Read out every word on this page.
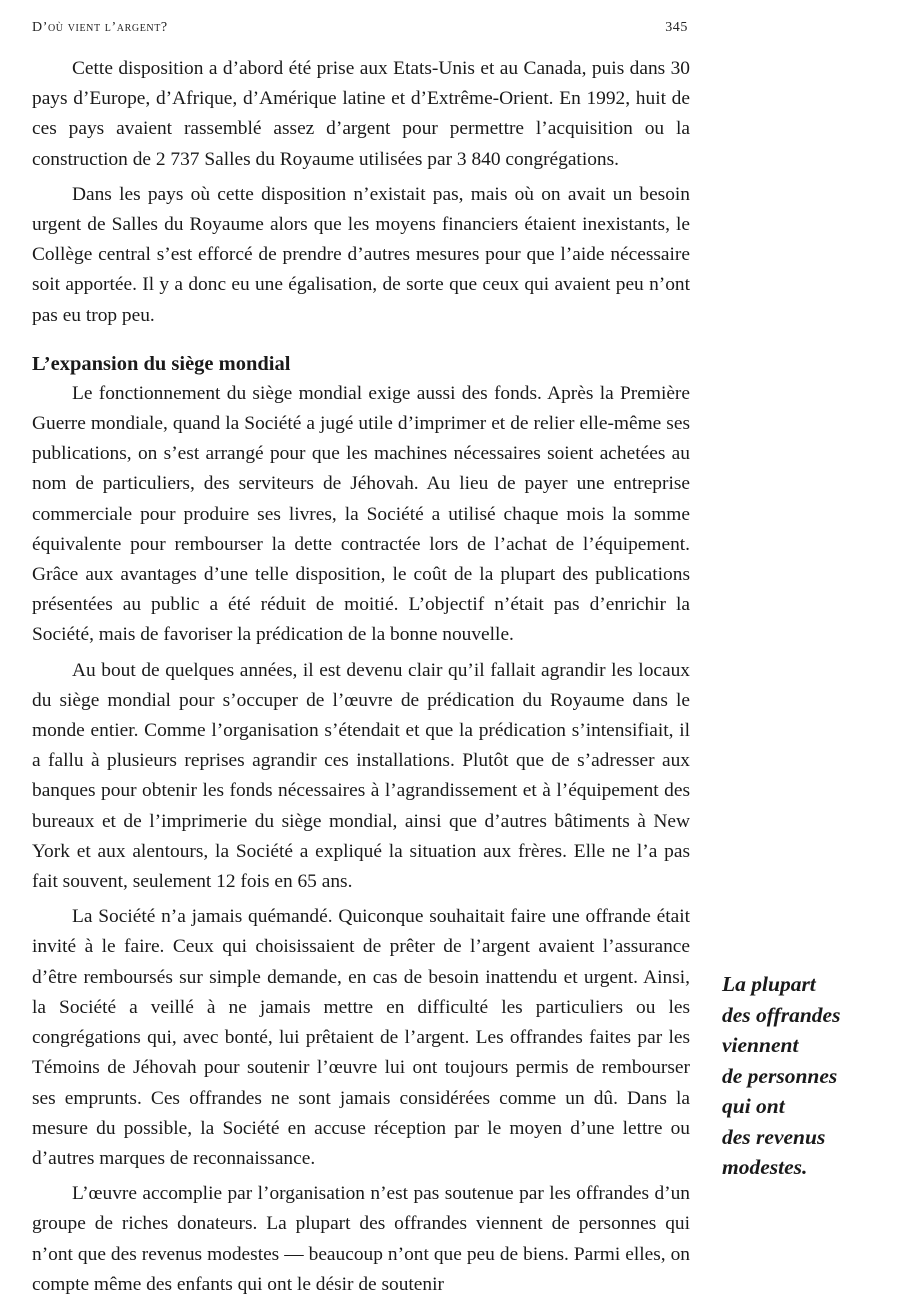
D’où vient l’argent?	345

Cette disposition a d’abord été prise aux Etats-Unis et au Canada, puis dans 30 pays d’Europe, d’Afrique, d’Amérique latine et d’Extrême-Orient. En 1992, huit de ces pays avaient rassemblé assez d’argent pour permettre l’acquisition ou la construction de 2 737 Salles du Royaume utilisées par 3 840 congrégations.

Dans les pays où cette disposition n’existait pas, mais où on avait un besoin urgent de Salles du Royaume alors que les moyens financiers étaient inexistants, le Collège central s’est efforcé de prendre d’autres mesures pour que l’aide nécessaire soit apportée. Il y a donc eu une égalisation, de sorte que ceux qui avaient peu n’ont pas eu trop peu.

L’expansion du siège mondial

Le fonctionnement du siège mondial exige aussi des fonds. Après la Première Guerre mondiale, quand la Société a jugé utile d’imprimer et de relier elle-même ses publications, on s’est arrangé pour que les machines nécessaires soient achetées au nom de particuliers, des serviteurs de Jéhovah. Au lieu de payer une entreprise commerciale pour produire ses livres, la Société a utilisé chaque mois la somme équivalente pour rembourser la dette contractée lors de l’achat de l’équipement. Grâce aux avantages d’une telle disposition, le coût de la plupart des publications présentées au public a été réduit de moitié. L’objectif n’était pas d’enrichir la Société, mais de favoriser la prédication de la bonne nouvelle.

Au bout de quelques années, il est devenu clair qu’il fallait agrandir les locaux du siège mondial pour s’occuper de l’œuvre de prédication du Royaume dans le monde entier. Comme l’organisation s’étendait et que la prédication s’intensifiait, il a fallu à plusieurs reprises agrandir ces installations. Plutôt que de s’adresser aux banques pour obtenir les fonds nécessaires à l’agrandissement et à l’équipement des bureaux et de l’imprimerie du siège mondial, ainsi que d’autres bâtiments à New York et aux alentours, la Société a expliqué la situation aux frères. Elle ne l’a pas fait souvent, seulement 12 fois en 65 ans.

La Société n’a jamais quémandé. Quiconque souhaitait faire une offrande était invité à le faire. Ceux qui choisissaient de prêter de l’argent avaient l’assurance d’être remboursés sur simple demande, en cas de besoin inattendu et urgent. Ainsi, la Société a veillé à ne jamais mettre en difficulté les particuliers ou les congrégations qui, avec bonté, lui prêtaient de l’argent. Les offrandes faites par les Témoins de Jéhovah pour soutenir l’œuvre lui ont toujours permis de rembourser ses emprunts. Ces offrandes ne sont jamais considérées comme un dû. Dans la mesure du possible, la Société en accuse réception par le moyen d’une lettre ou d’autres marques de reconnaissance.

L’œuvre accomplie par l’organisation n’est pas soutenue par les offrandes d’un groupe de riches donateurs. La plupart des offrandes viennent de personnes qui n’ont que des revenus modestes — beaucoup n’ont que peu de biens. Parmi elles, on compte même des enfants qui ont le désir de soutenir

La plupart
des offrandes
viennent
de personnes
qui ont
des revenus
modestes.
